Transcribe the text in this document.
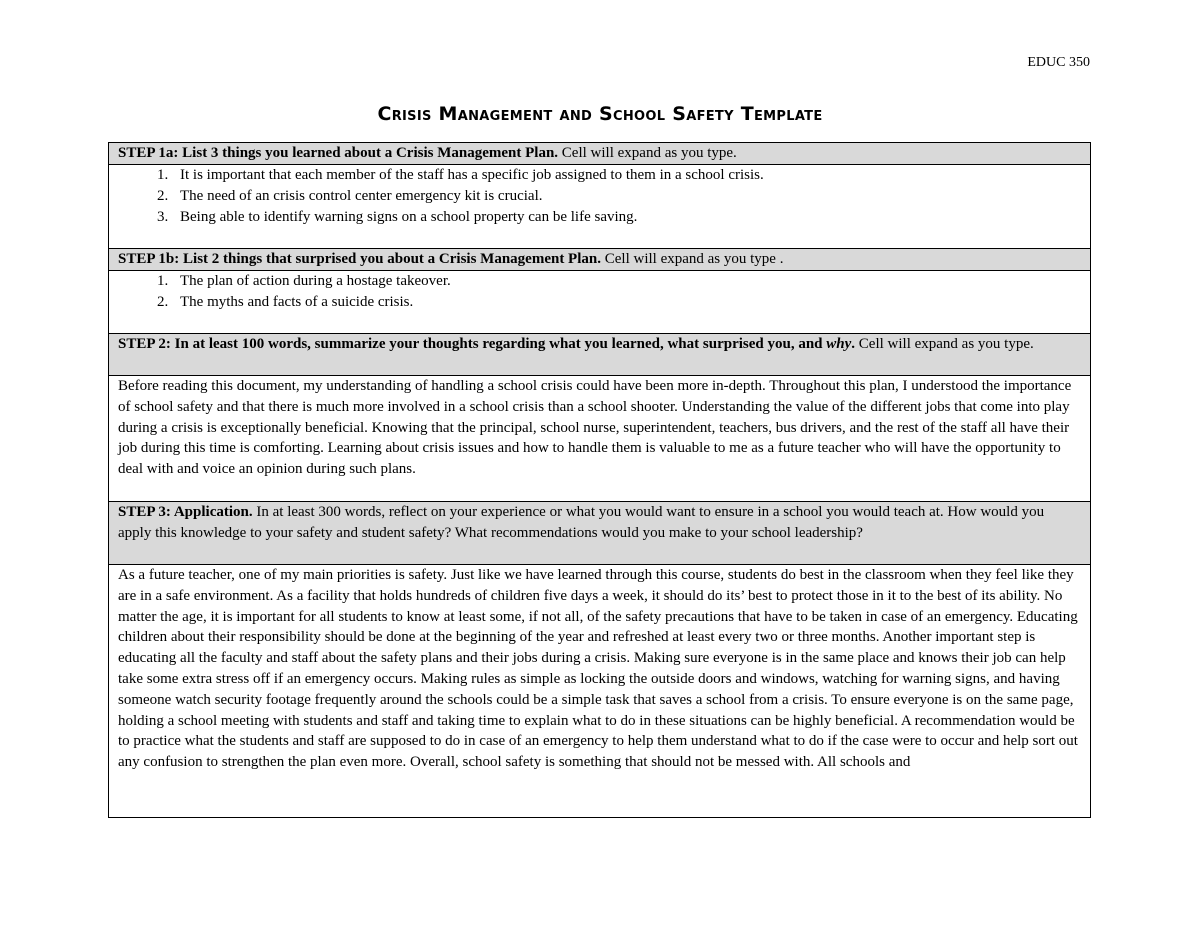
EDUC 350
Crisis Management and School Safety Template
STEP 1a: List 3 things you learned about a Crisis Management Plan. Cell will expand as you type.
1. It is important that each member of the staff has a specific job assigned to them in a school crisis.
2. The need of an crisis control center emergency kit is crucial.
3. Being able to identify warning signs on a school property can be life saving.
STEP 1b: List 2 things that surprised you about a Crisis Management Plan. Cell will expand as you type .
1. The plan of action during a hostage takeover.
2. The myths and facts of a suicide crisis.
STEP 2: In at least 100 words, summarize your thoughts regarding what you learned, what surprised you, and why. Cell will expand as you type.

Before reading this document, my understanding of handling a school crisis could have been more in-depth. Throughout this plan, I understood the importance of school safety and that there is much more involved in a school crisis than a school shooter. Understanding the value of the different jobs that come into play during a crisis is exceptionally beneficial. Knowing that the principal, school nurse, superintendent, teachers, bus drivers, and the rest of the staff all have their job during this time is comforting. Learning about crisis issues and how to handle them is valuable to me as a future teacher who will have the opportunity to deal with and voice an opinion during such plans.

STEP 3: Application. In at least 300 words, reflect on your experience or what you would want to ensure in a school you would teach at. How would you apply this knowledge to your safety and student safety? What recommendations would you make to your school leadership?

As a future teacher, one of my main priorities is safety. Just like we have learned through this course, students do best in the classroom when they feel like they are in a safe environment. As a facility that holds hundreds of children five days a week, it should do its’ best to protect those in it to the best of its ability. No matter the age, it is important for all students to know at least some, if not all, of the safety precautions that have to be taken in case of an emergency. Educating children about their responsibility should be done at the beginning of the year and refreshed at least every two or three months. Another important step is educating all the faculty and staff about the safety plans and their jobs during a crisis. Making sure everyone is in the same place and knows their job can help take some extra stress off if an emergency occurs. Making rules as simple as locking the outside doors and windows, watching for warning signs, and having someone watch security footage frequently around the schools could be a simple task that saves a school from a crisis. To ensure everyone is on the same page, holding a school meeting with students and staff and taking time to explain what to do in these situations can be highly beneficial. A recommendation would be to practice what the students and staff are supposed to do in case of an emergency to help them understand what to do if the case were to occur and help sort out any confusion to strengthen the plan even more. Overall, school safety is something that should not be messed with. All schools and
